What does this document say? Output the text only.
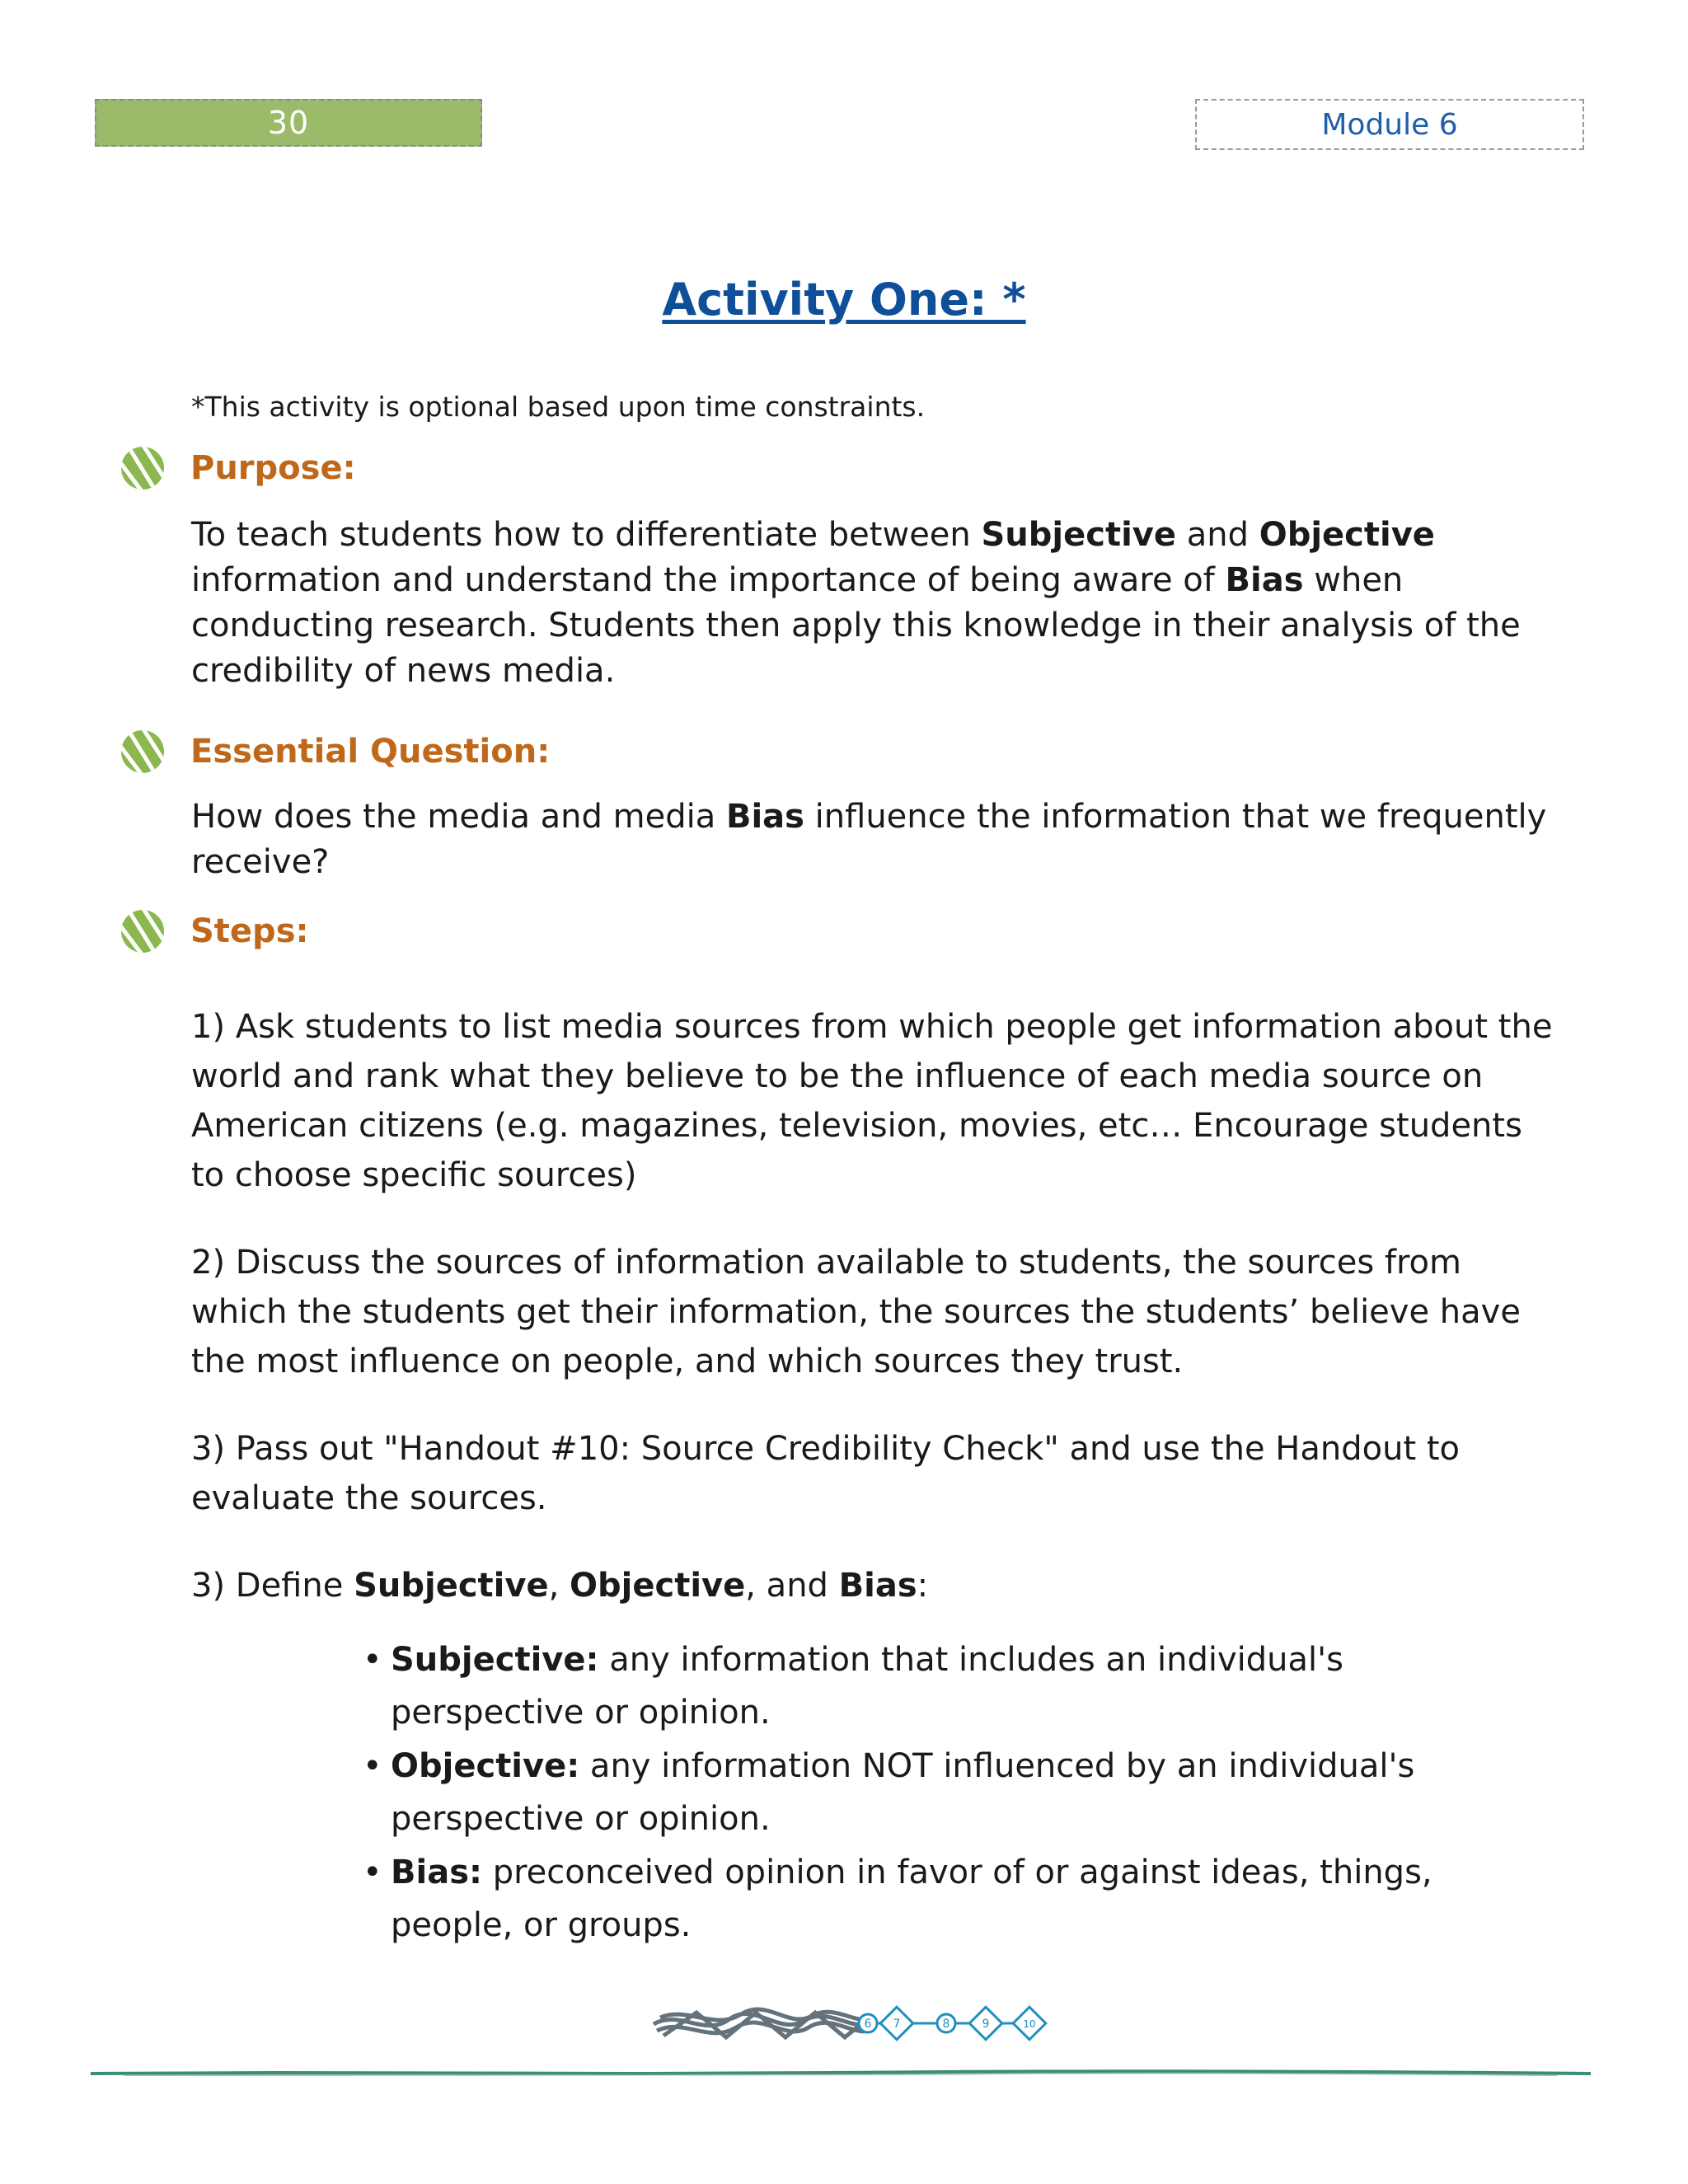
30	Module 6
Activity One: *
*This activity is optional based upon time constraints.
Purpose:
To teach students how to differentiate between Subjective and Objective information and understand the importance of being aware of Bias when conducting research. Students then apply this knowledge in their analysis of the credibility of news media.
Essential Question:
How does the media and media Bias influence the information that we frequently receive?
Steps:
1) Ask students to list media sources from which people get information about the world and rank what they believe to be the influence of each media source on American citizens (e.g. magazines, television, movies, etc… Encourage students to choose specific sources)
2) Discuss the sources of information available to students, the sources from which the students get their information, the sources the students’ believe have the most influence on people, and which sources they trust.
3) Pass out "Handout #10: Source Credibility Check" and use the Handout to evaluate the sources.
3) Define Subjective, Objective, and Bias:
• Subjective: any information that includes an individual's perspective or opinion.
• Objective: any information NOT influenced by an individual's perspective or opinion.
• Bias: preconceived opinion in favor of or against ideas, things, people, or groups.
6 7	8	9	10
